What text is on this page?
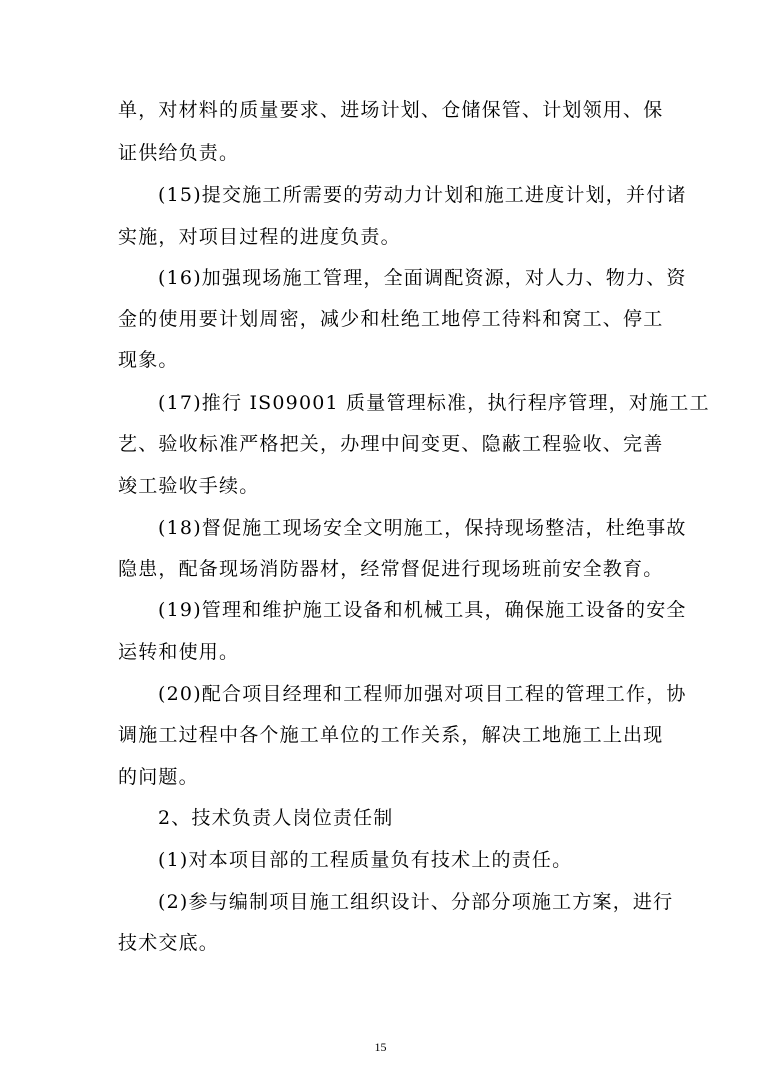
单，对材料的质量要求、进场计划、仓储保管、计划领用、保
证供给负责。
(15)提交施工所需要的劳动力计划和施工进度计划，并付诸
实施，对项目过程的进度负责。
(16)加强现场施工管理，全面调配资源，对人力、物力、资
金的使用要计划周密，减少和杜绝工地停工待料和窝工、停工
现象。
(17)推行 IS09001 质量管理标准，执行程序管理，对施工工
艺、验收标准严格把关，办理中间变更、隐蔽工程验收、完善
竣工验收手续。
(18)督促施工现场安全文明施工，保持现场整洁，杜绝事故
隐患，配备现场消防器材，经常督促进行现场班前安全教育。
(19)管理和维护施工设备和机械工具，确保施工设备的安全
运转和使用。
(20)配合项目经理和工程师加强对项目工程的管理工作，协
调施工过程中各个施工单位的工作关系，解决工地施工上出现
的问题。
2、技术负责人岗位责任制
(1)对本项目部的工程质量负有技术上的责任。
(2)参与编制项目施工组织设计、分部分项施工方案，进行
技术交底。
15
